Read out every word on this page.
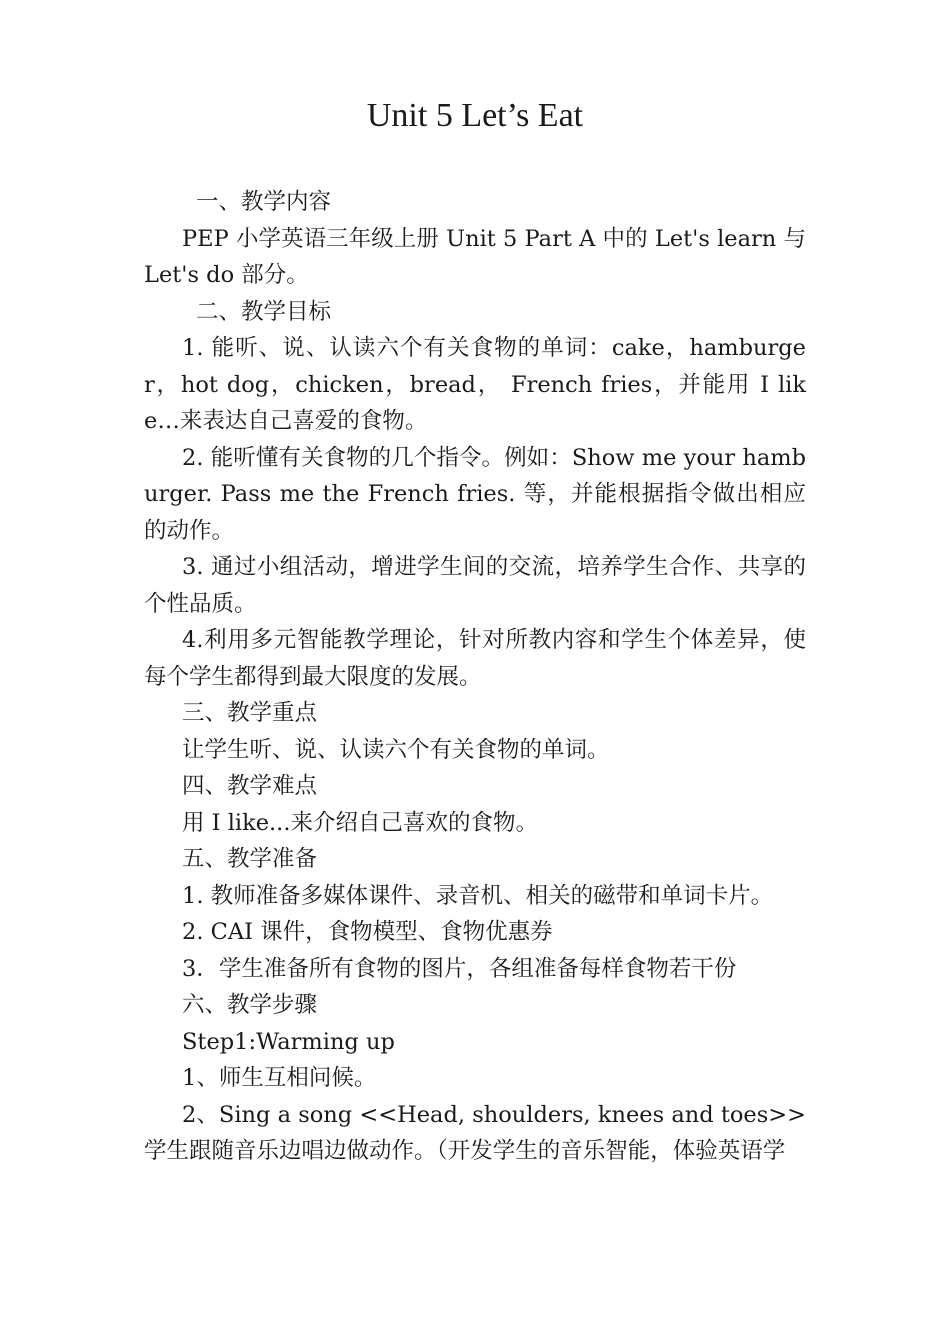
Unit 5 Let’s Eat

一、教学内容

PEP 小学英语三年级上册 Unit 5 Part A 中的 Let's learn 与 Let's do 部分。

二、教学目标

1. 能听、说、认读六个有关食物的单词：cake，hamburger，hot dog，chicken，bread， French fries，并能用 I like…来表达自己喜爱的食物。

2. 能听懂有关食物的几个指令。例如：Show me your hamburger. Pass me the French fries. 等，并能根据指令做出相应的动作。

3. 通过小组活动，增进学生间的交流，培养学生合作、共享的个性品质。

4.利用多元智能教学理论，针对所教内容和学生个体差异，使每个学生都得到最大限度的发展。

三、教学重点

让学生听、说、认读六个有关食物的单词。

四、教学难点

用 I like...来介绍自己喜欢的食物。

五、教学准备

1. 教师准备多媒体课件、录音机、相关的磁带和单词卡片。

2. CAI 课件，食物模型、食物优惠券

3．学生准备所有食物的图片，各组准备每样食物若干份

六、教学步骤

Step1:Warming up

1、师生互相问候。

2、Sing a song <<Head, shoulders, knees and toes>>学生跟随音乐边唱边做动作。（开发学生的音乐智能，体验英语学
